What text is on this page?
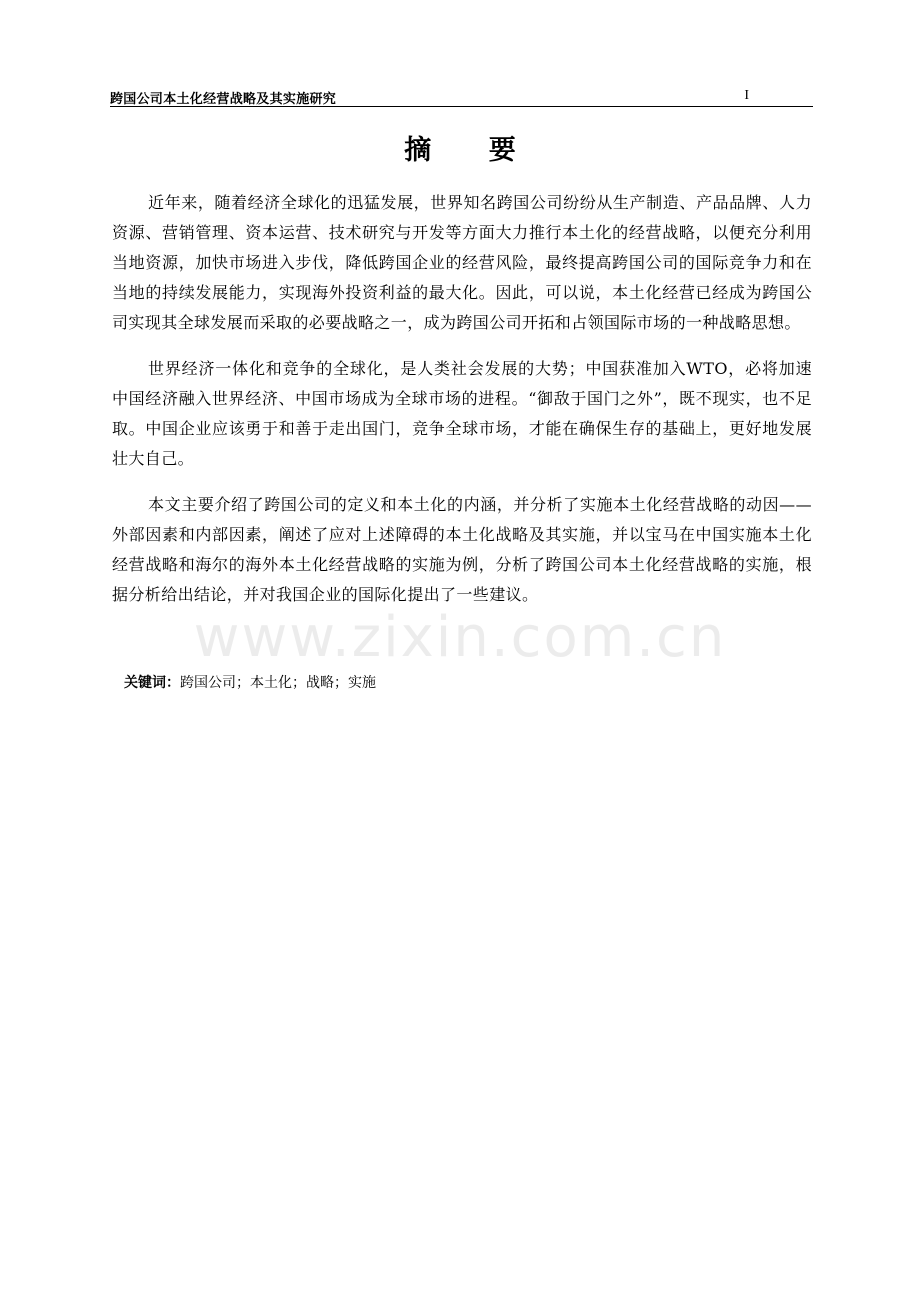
跨国公司本土化经营战略及其实施研究	I
www.zixin.com.cn
摘 要

近年来，随着经济全球化的迅猛发展，世界知名跨国公司纷纷从生产制造、产品品牌、人力资源、营销管理、资本运营、技术研究与开发等方面大力推行本土化的经营战略，以便充分利用当地资源，加快市场进入步伐，降低跨国企业的经营风险，最终提高跨国公司的国际竞争力和在当地的持续发展能力，实现海外投资利益的最大化。因此，可以说，本土化经营已经成为跨国公司实现其全球发展而采取的必要战略之一，成为跨国公司开拓和占领国际市场的一种战略思想。

世界经济一体化和竞争的全球化，是人类社会发展的大势；中国获准加入WTO，必将加速中国经济融入世界经济、中国市场成为全球市场的进程。“御敌于国门之外”，既不现实，也不足取。中国企业应该勇于和善于走出国门，竞争全球市场，才能在确保生存的基础上，更好地发展壮大自己。

本文主要介绍了跨国公司的定义和本土化的内涵，并分析了实施本土化经营战略的动因——外部因素和内部因素，阐述了应对上述障碍的本土化战略及其实施，并以宝马在中国实施本土化经营战略和海尔的海外本土化经营战略的实施为例，分析了跨国公司本土化经营战略的实施，根据分析给出结论，并对我国企业的国际化提出了一些建议。

关键词：跨国公司；本土化；战略；实施
